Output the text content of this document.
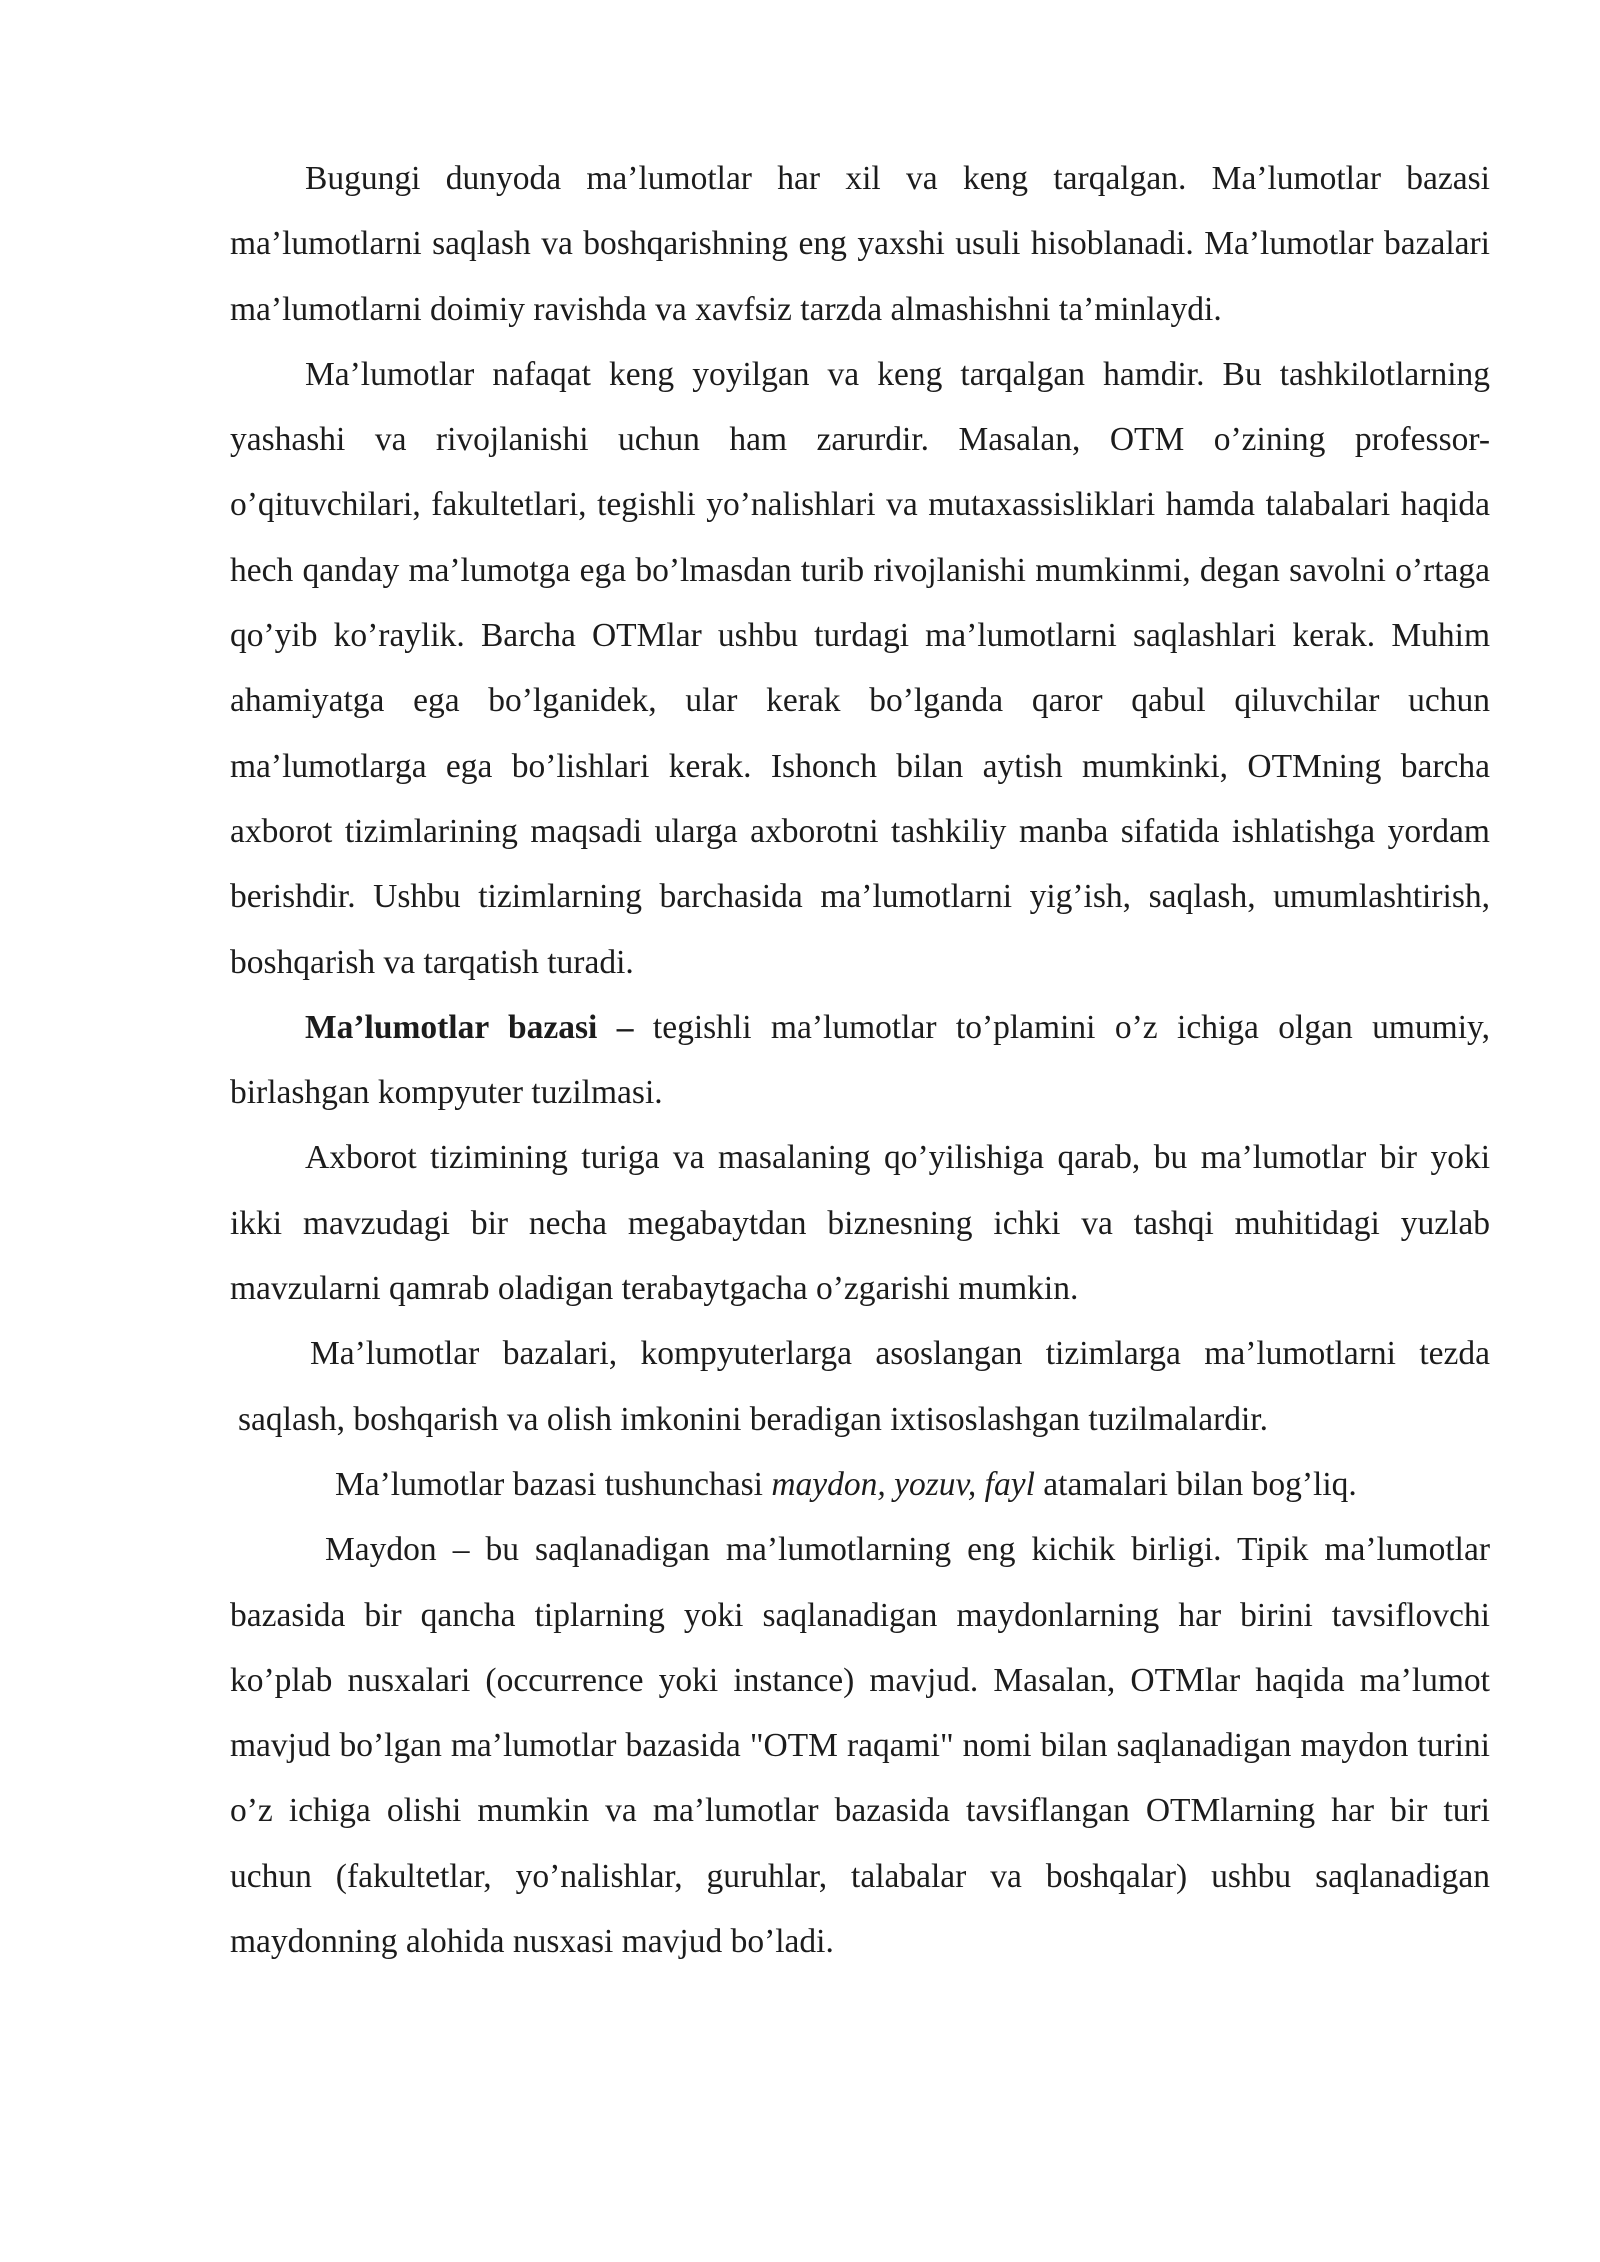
Bugungi dunyoda ma’lumotlar har xil va keng tarqalgan. Ma’lumotlar bazasi ma’lumotlarni saqlash va boshqarishning eng yaxshi usuli hisoblanadi. Ma’lumotlar bazalari ma’lumotlarni doimiy ravishda va xavfsiz tarzda almashishni ta’minlaydi.

Ma’lumotlar nafaqat keng yoyilgan va keng tarqalgan hamdir. Bu tashkilotlarning yashashi va rivojlanishi uchun ham zarurdir. Masalan, OTM o’zining professor-o’qituvchilari, fakultetlari, tegishli yo’nalishlari va mutaxassisliklari hamda talabalari haqida hech qanday ma’lumotga ega bo’lmasdan turib rivojlanishi mumkinmi, degan savolni o’rtaga qo’yib ko’raylik. Barcha OTMlar ushbu turdagi ma’lumotlarni saqlashlari kerak. Muhim ahamiyatga ega bo’lganidek, ular kerak bo’lganda qaror qabul qiluvchilar uchun ma’lumotlarga ega bo’lishlari kerak. Ishonch bilan aytish mumkinki, OTMning barcha axborot tizimlarining maqsadi ularga axborotni tashkiliy manba sifatida ishlatishga yordam berishdir. Ushbu tizimlarning barchasida ma’lumotlarni yig’ish, saqlash, umumlashtirish, boshqarish va tarqatish turadi.

Ma’lumotlar bazasi – tegishli ma’lumotlar to’plamini o’z ichiga olgan umumiy, birlashgan kompyuter tuzilmasi.

Axborot tizimining turiga va masalaning qo’yilishiga qarab, bu ma’lumotlar bir yoki ikki mavzudagi bir necha megabaytdan biznesning ichki va tashqi muhitidagi yuzlab mavzularni qamrab oladigan terabaytgacha o’zgarishi mumkin.

Ma’lumotlar bazalari, kompyuterlarga asoslangan tizimlarga ma’lumotlarni tezda saqlash, boshqarish va olish imkonini beradigan ixtisoslashgan tuzilmalardir.

Ma’lumotlar bazasi tushunchasi maydon, yozuv, fayl atamalari bilan bog’liq.

Maydon – bu saqlanadigan ma’lumotlarning eng kichik birligi. Tipik ma’lumotlar bazasida bir qancha tiplarning yoki saqlanadigan maydonlarning har birini tavsiflovchi ko’plab nusxalari (occurrence yoki instance) mavjud. Masalan, OTMlar haqida ma’lumot mavjud bo’lgan ma’lumotlar bazasida "OTM raqami" nomi bilan saqlanadigan maydon turini o’z ichiga olishi mumkin va ma’lumotlar bazasida tavsiflangan OTMlarning har bir turi uchun (fakultetlar, yo’nalishlar, guruhlar, talabalar va boshqalar) ushbu saqlanadigan maydonning alohida nusxasi mavjud bo’ladi.
